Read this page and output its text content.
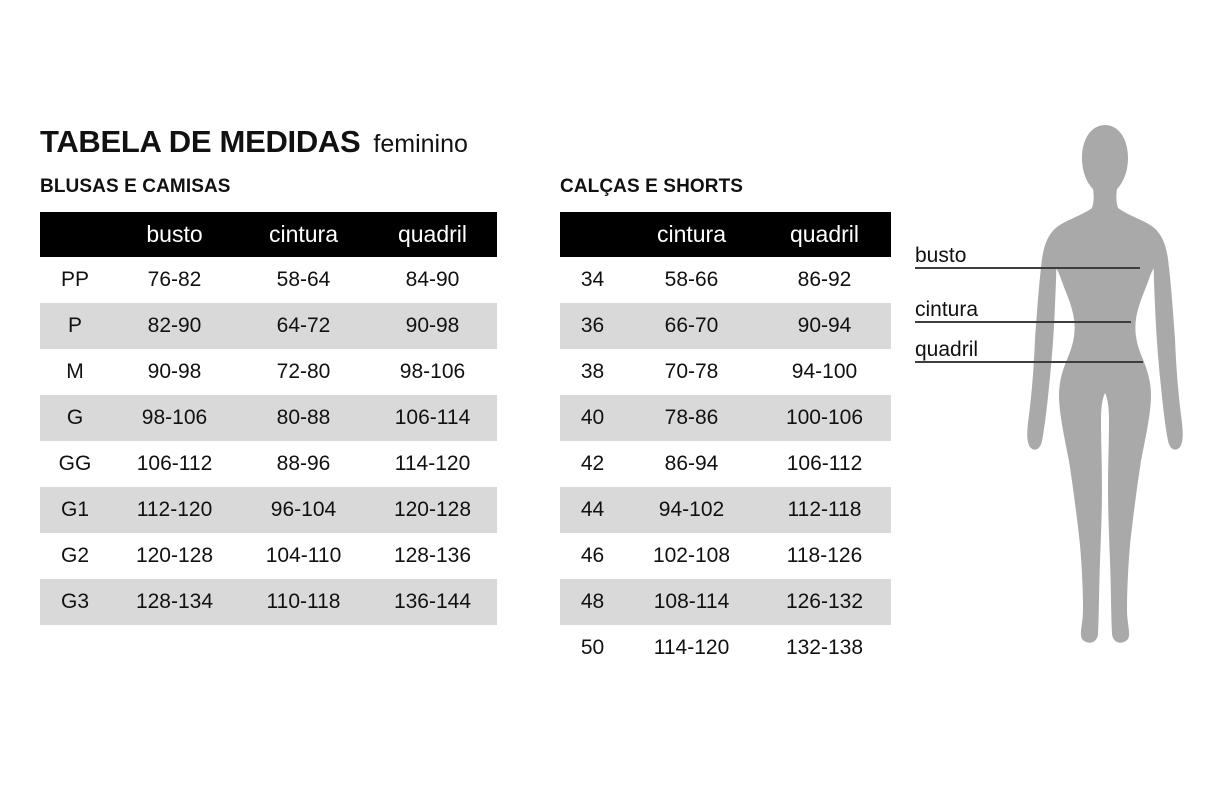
TABELA DE MEDIDAS feminino
BLUSAS E CAMISAS	CALÇAS E SHORTS
	busto	cintura	quadril
PP	76-82	58-64	84-90
P	82-90	64-72	90-98
M	90-98	72-80	98-106
G	98-106	80-88	106-114
GG	106-112	88-96	114-120
G1	112-120	96-104	120-128
G2	120-128	104-110	128-136
G3	128-134	110-118	136-144
	cintura	quadril
34	58-66	86-92
36	66-70	90-94
38	70-78	94-100
40	78-86	100-106
42	86-94	106-112
44	94-102	112-118
46	102-108	118-126
48	108-114	126-132
50	114-120	132-138
busto
cintura
quadril
